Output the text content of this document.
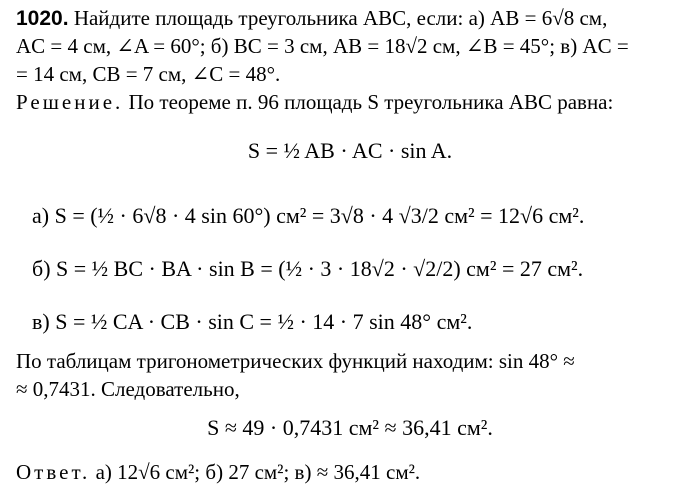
1020. Найдите площадь треугольника ABC, если: а) AB = 6√8 см,
AC = 4 см, ∠A = 60°; б) BC = 3 см, AB = 18√2 см, ∠B = 45°; в) AC =
= 14 см, CB = 7 см, ∠C = 48°.
Решение. По теореме п. 96 площадь S треугольника ABC равна:
S = ½ AB · AC · sin A.
а) S = (½ · 6√8 · 4 sin 60°) см² = 3√8 · 4 √3/2 см² = 12√6 см².
б) S = ½ BC · BA · sin B = (½ · 3 · 18√2 · √2/2) см² = 27 см².
в) S = ½ CA · CB · sin C = ½ · 14 · 7 sin 48° см².
По таблицам тригонометрических функций находим: sin 48° ≈
≈ 0,7431. Следовательно,
S ≈ 49 · 0,7431 см² ≈ 36,41 см².
Ответ. а) 12√6 см²; б) 27 см²; в) ≈ 36,41 см².
